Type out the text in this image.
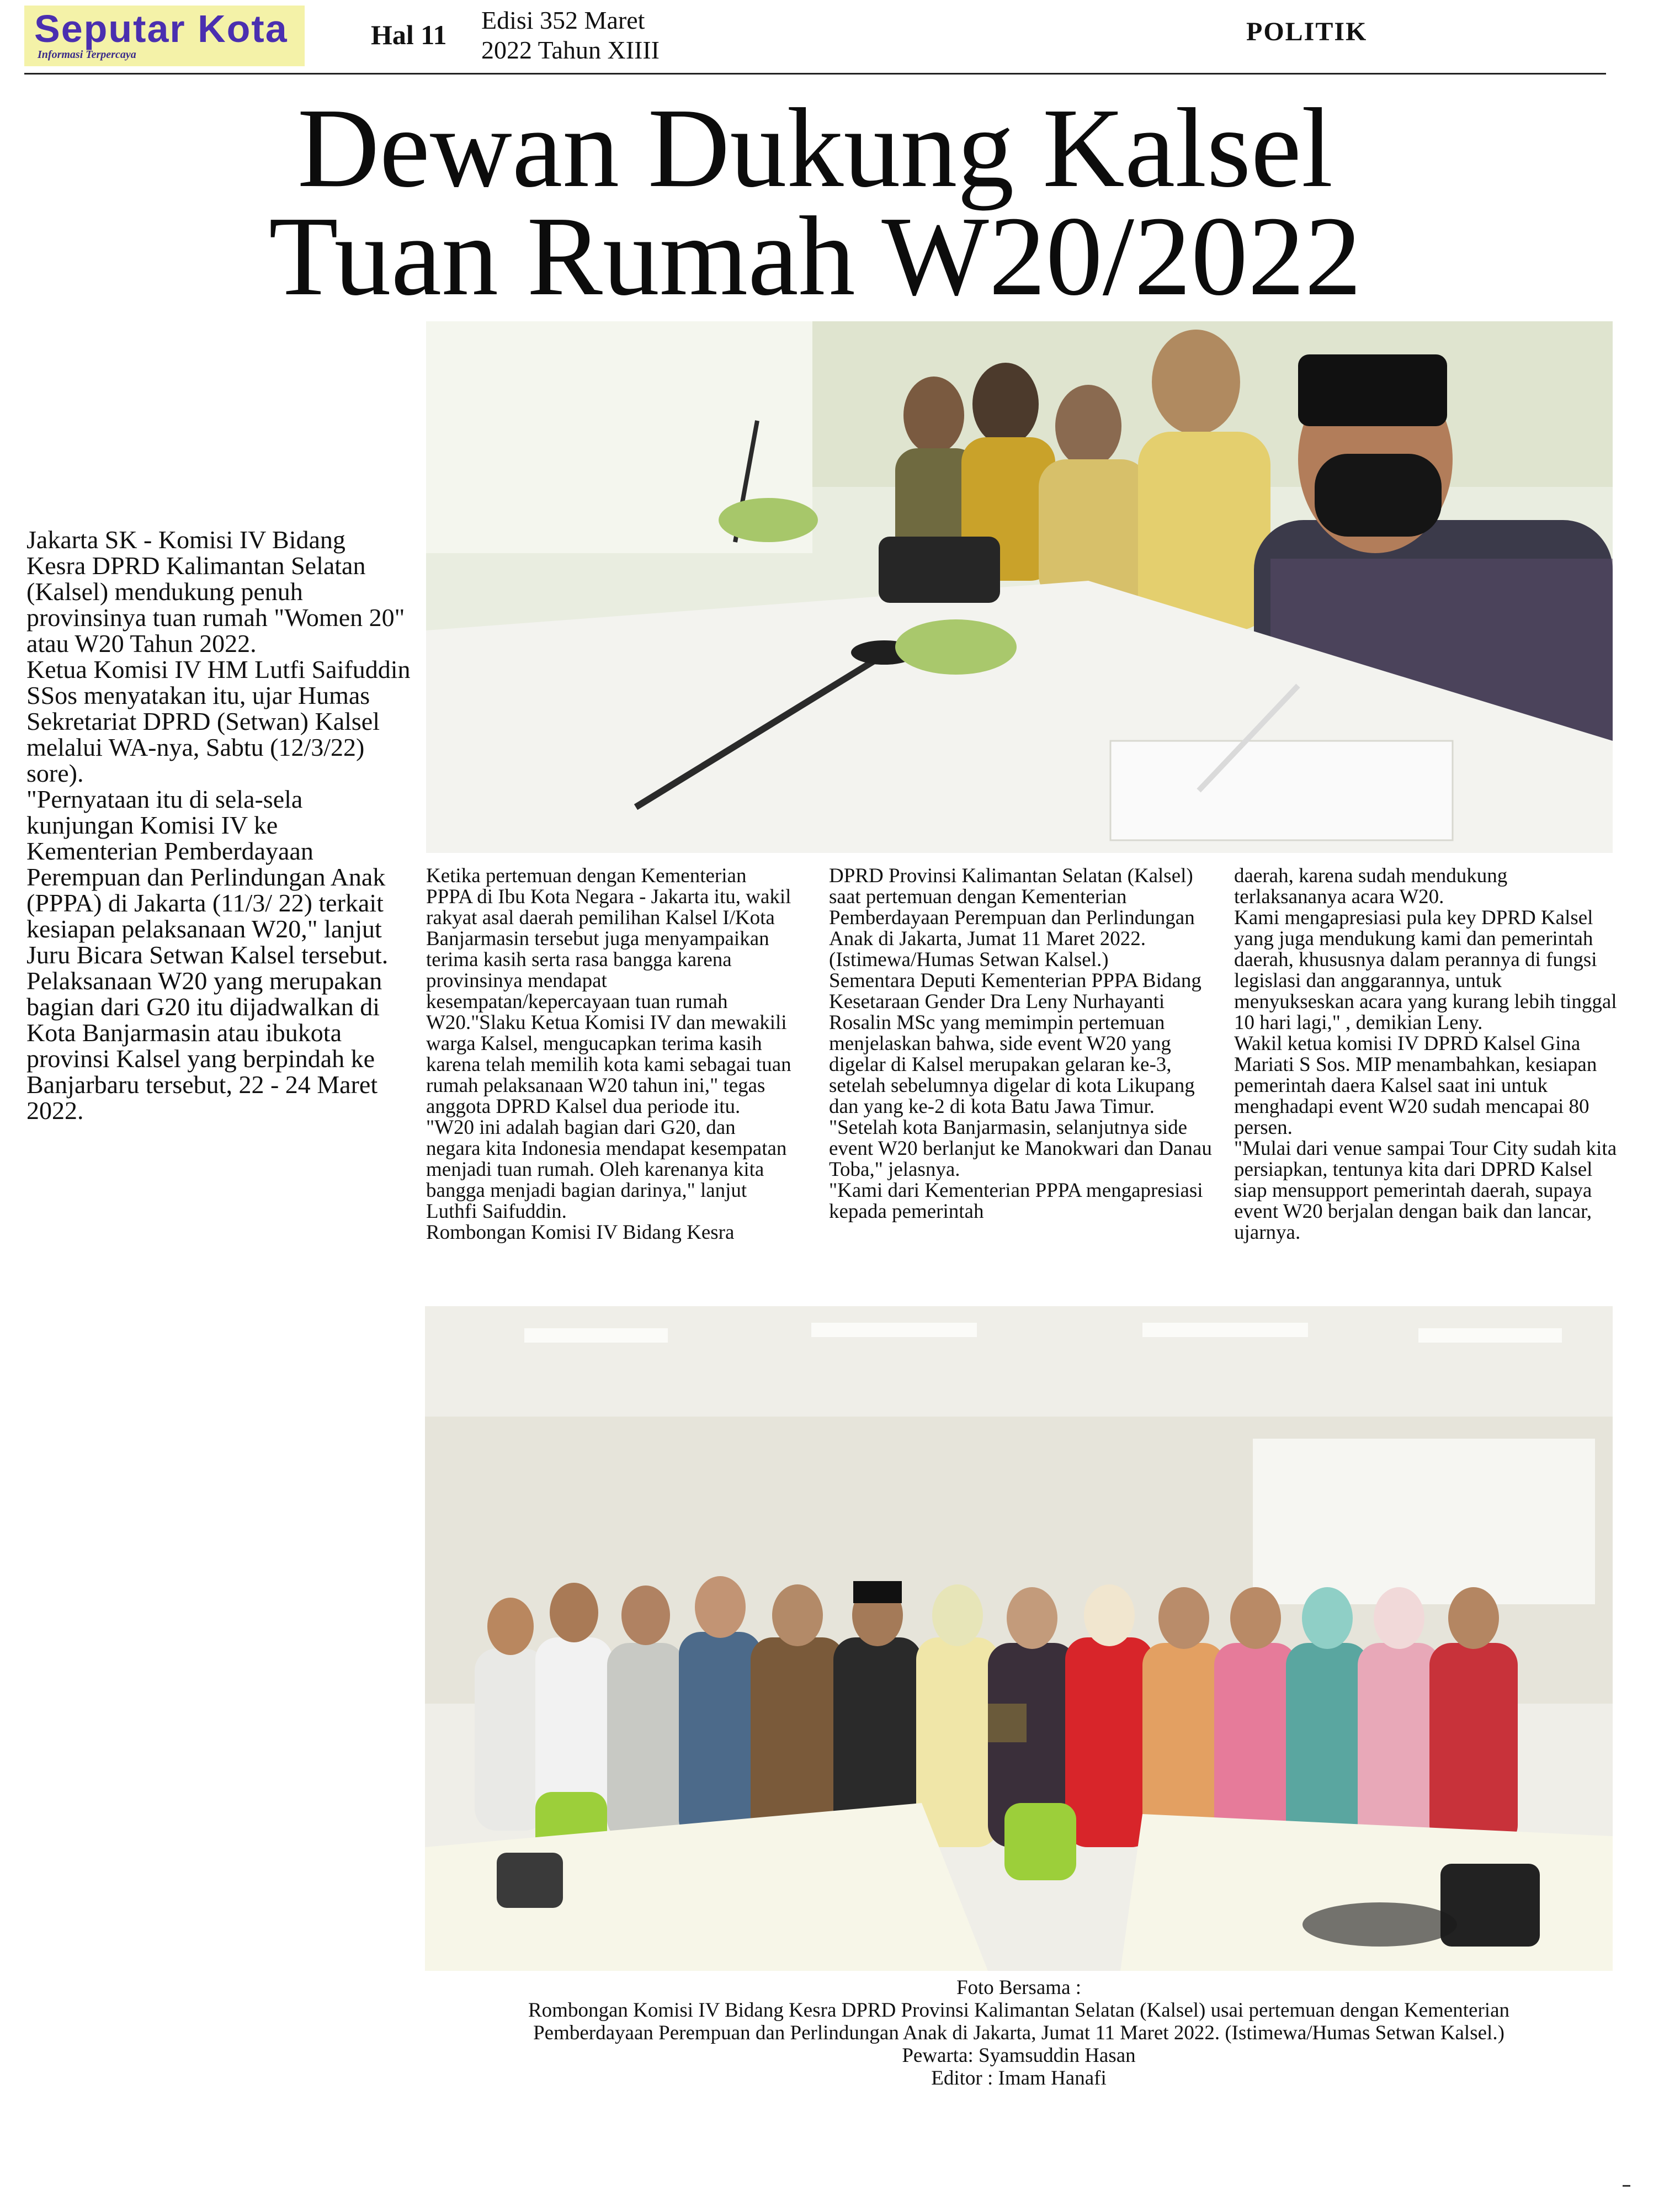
Seputar Kota
Informasi Terpercaya
Hal 11 Edisi 352 Maret
2022 Tahun XIIII
POLITIK
Dewan Dukung Kalsel
Tuan Rumah W20/2022

Jakarta SK - Komisi IV Bidang Kesra DPRD Kalimantan Selatan (Kalsel) mendukung penuh provinsinya tuan rumah "Women 20" atau W20 Tahun 2022.

Ketua Komisi IV HM Lutfi Saifuddin SSos menyatakan itu, ujar Humas Sekretariat DPRD (Setwan) Kalsel melalui WA-nya, Sabtu (12/3/22) sore).

"Pernyataan itu di sela-sela kunjungan Komisi IV ke Kementerian Pemberdayaan Perempuan dan Perlindungan Anak (PPPA) di Jakarta (11/3/ 22) terkait kesiapan pelaksanaan W20," lanjut Juru Bicara Setwan Kalsel tersebut.

Pelaksanaan W20 yang merupakan bagian dari G20 itu dijadwalkan di Kota Banjarmasin atau ibukota provinsi Kalsel yang berpindah ke Banjarbaru tersebut, 22 - 24 Maret 2022.

Ketika pertemuan dengan Kementerian PPPA di Ibu Kota Negara - Jakarta itu, wakil rakyat asal daerah pemilihan Kalsel I/Kota Banjarmasin tersebut juga menyampaikan terima kasih serta rasa bangga karena provinsinya mendapat kesempatan/kepercayaan tuan rumah W20."Slaku Ketua Komisi IV dan mewakili warga Kalsel, mengucapkan terima kasih karena telah memilih kota kami sebagai tuan rumah pelaksanaan W20 tahun ini," tegas anggota DPRD Kalsel dua periode itu.

"W20 ini adalah bagian dari G20, dan negara kita Indonesia mendapat kesempatan menjadi tuan rumah. Oleh karenanya kita bangga menjadi bagian darinya," lanjut Luthfi Saifuddin.

Rombongan Komisi IV Bidang Kesra

DPRD Provinsi Kalimantan Selatan (Kalsel) saat pertemuan dengan Kementerian Pemberdayaan Perempuan dan Perlindungan Anak di Jakarta, Jumat 11 Maret 2022. (Istimewa/Humas Setwan Kalsel.)

Sementara Deputi Kementerian PPPA Bidang Kesetaraan Gender Dra Leny Nurhayanti Rosalin MSc yang memimpin pertemuan menjelaskan bahwa, side event W20 yang digelar di Kalsel merupakan gelaran ke-3, setelah sebelumnya digelar di kota Likupang dan yang ke-2 di kota Batu Jawa Timur.

"Setelah kota Banjarmasin, selanjutnya side event W20 berlanjut ke Manokwari dan Danau Toba," jelasnya.

"Kami dari Kementerian PPPA mengapresiasi kepada pemerintah

daerah, karena sudah mendukung terlaksananya acara W20.

Kami mengapresiasi pula key DPRD Kalsel yang juga mendukung kami dan pemerintah daerah, khususnya dalam perannya di fungsi legislasi dan anggarannya, untuk menyukseskan acara yang kurang lebih tinggal 10 hari lagi," , demikian Leny.

Wakil ketua komisi IV DPRD Kalsel Gina Mariati S Sos. MIP menambahkan, kesiapan pemerintah daera Kalsel saat ini untuk menghadapi event W20 sudah mencapai 80 persen.

"Mulai dari venue sampai Tour City sudah kita persiapkan, tentunya kita dari DPRD Kalsel siap mensupport pemerintah daerah, supaya event W20 berjalan dengan baik dan lancar, ujarnya.

Foto Bersama :
Rombongan Komisi IV Bidang Kesra DPRD Provinsi Kalimantan Selatan (Kalsel) usai pertemuan dengan Kementerian
Pemberdayaan Perempuan dan Perlindungan Anak di Jakarta, Jumat 11 Maret 2022. (Istimewa/Humas Setwan Kalsel.)
Pewarta: Syamsuddin Hasan
Editor : Imam Hanafi
